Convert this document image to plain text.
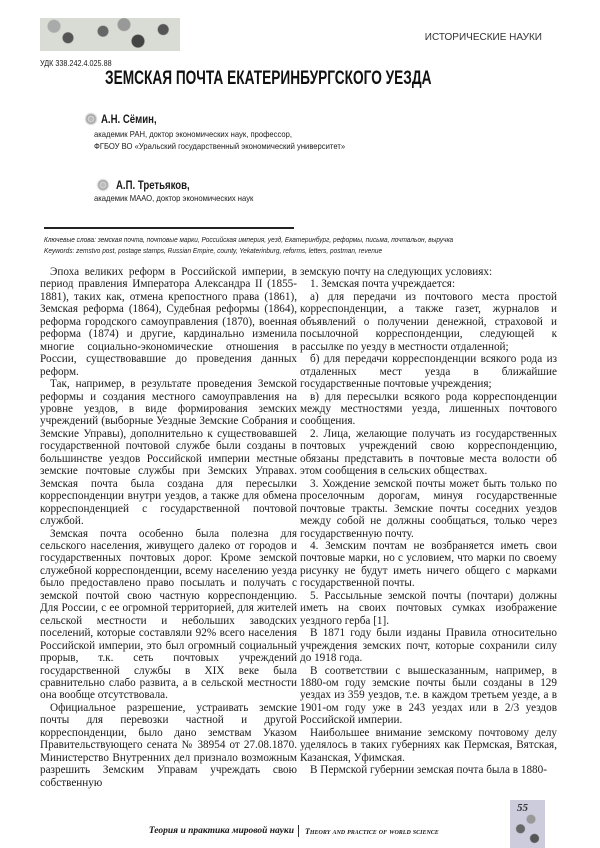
ИСТОРИЧЕСКИЕ НАУКИ
УДК 338.242.4.025.88
ЗЕМСКАЯ ПОЧТА ЕКАТЕРИНБУРГСКОГО УЕЗДА
А.Н. Сёмин,
академик РАН, доктор экономических наук, профессор,
ФГБОУ ВО «Уральский государственный экономический университет»
А.П. Третьяков,
академик МААО, доктор экономических наук
Ключевые слова: земская почта, почтовые марки, Российская империя, уезд, Екатеринбург, реформы, письма, почтальон, выручка
Keywords: zemstvo post, postage stamps, Russian Empire, county, Yekaterinburg, reforms, letters, postman, revenue

Эпоха великих реформ в Российской империи, в период правления Императора Александра II (1855-1881), таких как, отмена крепостного права (1861), Земская реформа (1864), Судебная реформы (1864), реформа городского самоуправления (1870), военная реформа (1874) и другие, кардинально изменила многие социально-экономические отношения в России, существовавшие до проведения данных реформ.

Так, например, в результате проведения Земской реформы и создания местного самоуправления на уровне уездов, в виде формирования земских учреждений (выборные Уездные Земские Собрания и Земские Управы), дополнительно к существовавшей государственной почтовой службе были созданы в большинстве уездов Российской империи местные земские почтовые службы при Земских Управах. Земская почта была создана для пересылки корреспонденции внутри уездов, а также для обмена корреспонденцией с государственной почтовой службой.

Земская почта особенно была полезна для сельского населения, живущего далеко от городов и государственных почтовых дорог. Кроме земской служебной корреспонденции, всему населению уезда было предоставлено право посылать и получать с земской почтой свою частную корреспонденцию. Для России, с ее огромной территорией, для жителей сельской местности и небольших заводских поселений, которые составляли 92% всего населения Российской империи, это был огромный социальный прорыв, т.к. сеть почтовых учреждений государственной службы в XIX веке была сравнительно слабо развита, а в сельской местности она вообще отсутствовала.

Официальное разрешение, устраивать земские почты для перевозки частной и другой корреспонденции, было дано земствам Указом Правительствующего сената № 38954 от 27.08.1870. Министерство Внутренних дел признало возможным разрешить Земским Управам учреждать свою собственную

земскую почту на следующих условиях:

1. Земская почта учреждается:

а) для передачи из почтового места простой корреспонденции, а также газет, журналов и объявлений о получении денежной, страховой и посылочной корреспонденции, следующей к рассылке по уезду в местности отдаленной;

б) для передачи корреспонденции всякого рода из отдаленных мест уезда в ближайшие государственные почтовые учреждения;

в) для пересылки всякого рода корреспонденции между местностями уезда, лишенных почтового сообщения.

2. Лица, желающие получать из государственных почтовых учреждений свою корреспонденцию, обязаны представить в почтовые места волости об этом сообщения в сельских обществах.

3. Хождение земской почты может быть только по проселочным дорогам, минуя государственные почтовые тракты. Земские почты соседних уездов между собой не должны сообщаться, только через государственную почту.

4. Земским почтам не возбраняется иметь свои почтовые марки, но с условием, что марки по своему рисунку не будут иметь ничего общего с марками государственной почты.

5. Рассыльные земской почты (почтари) должны иметь на своих почтовых сумках изображение уездного герба [1].

В 1871 году были изданы Правила относительно учреждения земских почт, которые сохранили силу до 1918 года.

В соответствии с вышесказанным, например, в 1880-ом году земские почты были созданы в 129 уездах из 359 уездов, т.е. в каждом третьем уезде, а в 1901-ом году уже в 243 уездах или в 2/3 уездов Российской империи.

Наибольшее внимание земскому почтовому делу уделялось в таких губерниях как Пермская, Вятская, Казанская, Уфимская.

В Пермской губернии земская почта была в 1880-

Теория и практика мировой науки Theory and practice of world science
55
